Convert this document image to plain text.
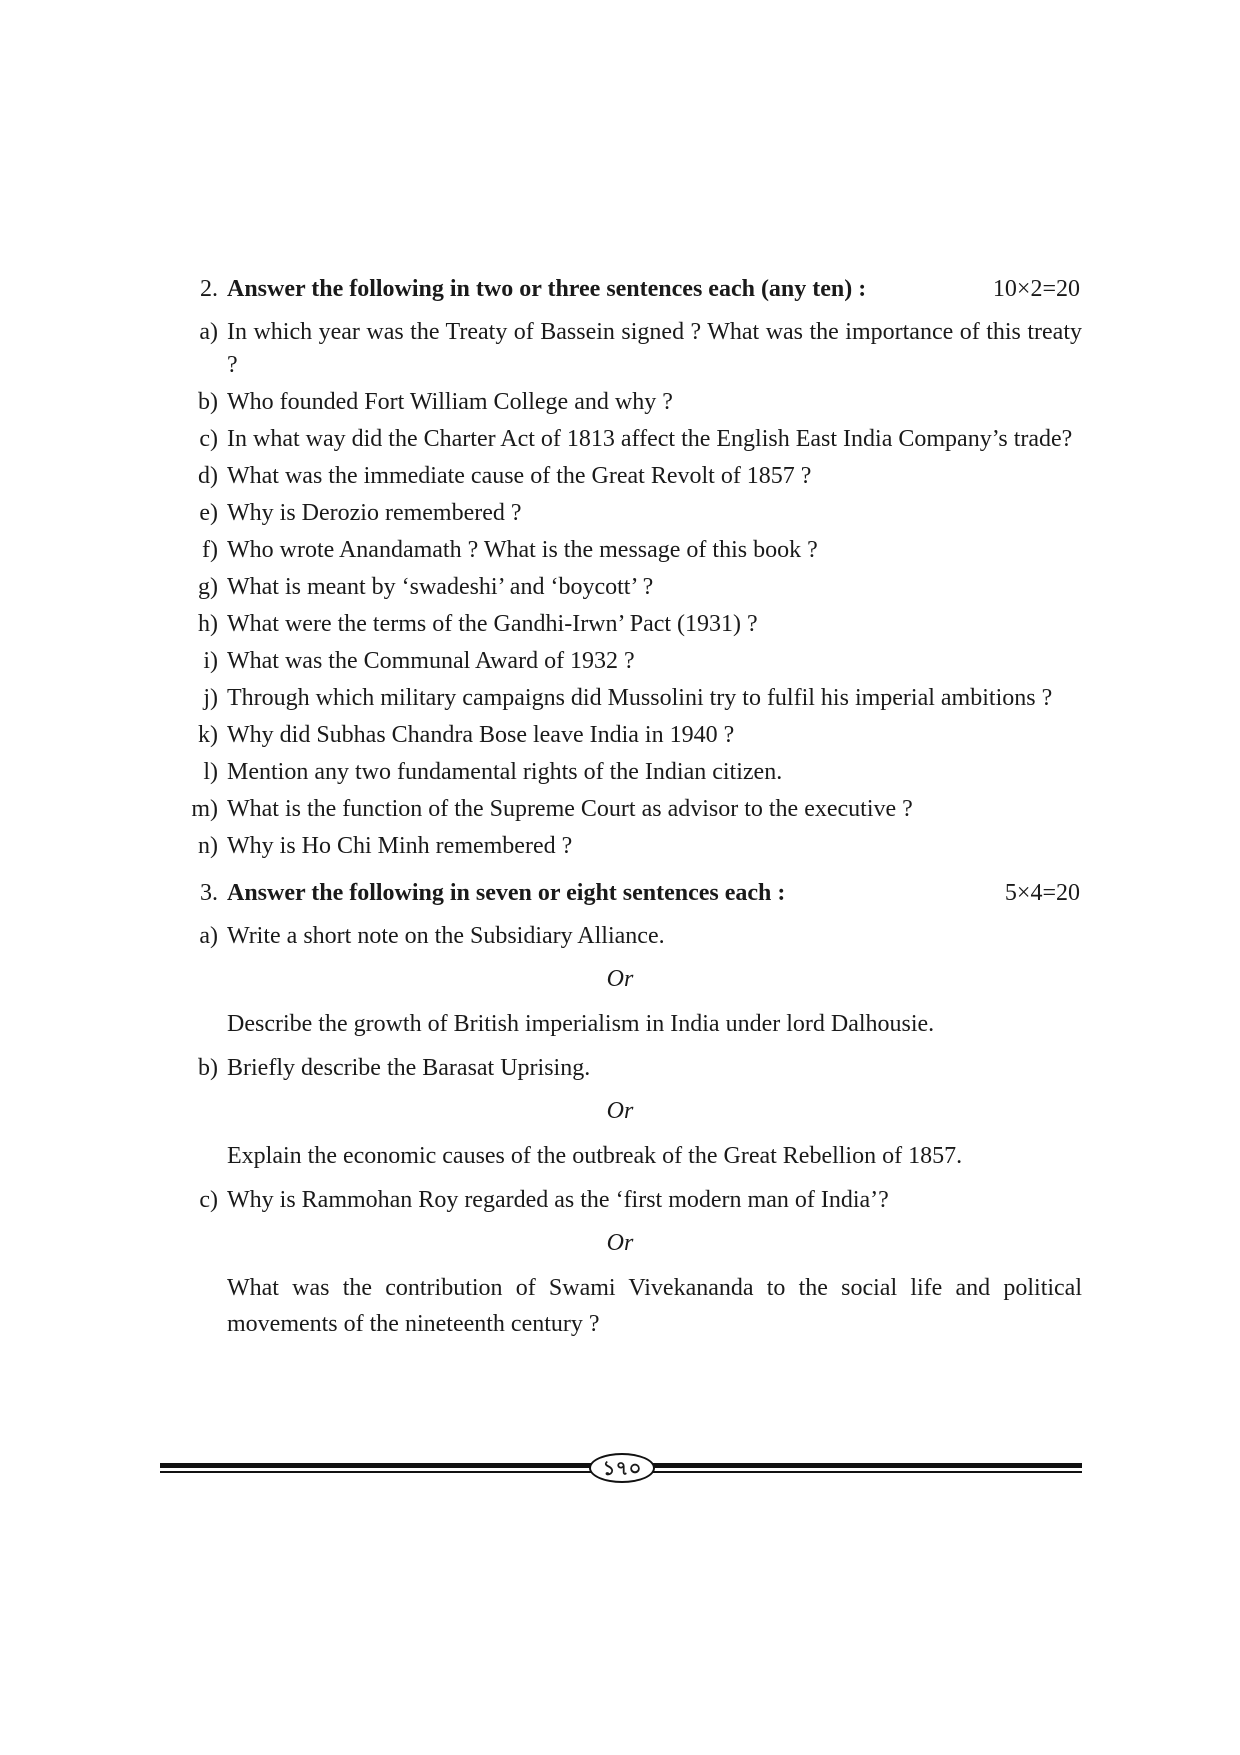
2. Answer the following in two or three sentences each (any ten) :	10×2=20
a) In which year was the Treaty of Bassein signed ? What was the importance of this treaty ?
b) Who founded Fort William College and why ?
c) In what way did the Charter Act of 1813 affect the English East India Company’s trade?
d) What was the immediate cause of the Great Revolt of 1857 ?
e) Why is Derozio remembered ?
f) Who wrote Anandamath ? What is the message of this book ?
g) What is meant by ‘swadeshi’ and ‘boycott’ ?
h) What were the terms of the Gandhi-Irwn’ Pact (1931) ?
i) What was the Communal Award of 1932 ?
j) Through which military campaigns did Mussolini try to fulfil his imperial ambitions ?
k) Why did Subhas Chandra Bose leave India in 1940 ?
l) Mention any two fundamental rights of the Indian citizen.
m) What is the function of the Supreme Court as advisor to the executive ?
n) Why is Ho Chi Minh remembered ?
3. Answer the following in seven or eight sentences each :	5×4=20
a) Write a short note on the Subsidiary Alliance.
Or
Describe the growth of British imperialism in India under lord Dalhousie.
b) Briefly describe the Barasat Uprising.
Or
Explain the economic causes of the outbreak of the Great Rebellion of 1857.
c) Why is Rammohan Roy regarded as the ‘first modern man of India’?
Or
What was the contribution of Swami Vivekananda to the social life and political movements of the nineteenth century ?
১৭০
